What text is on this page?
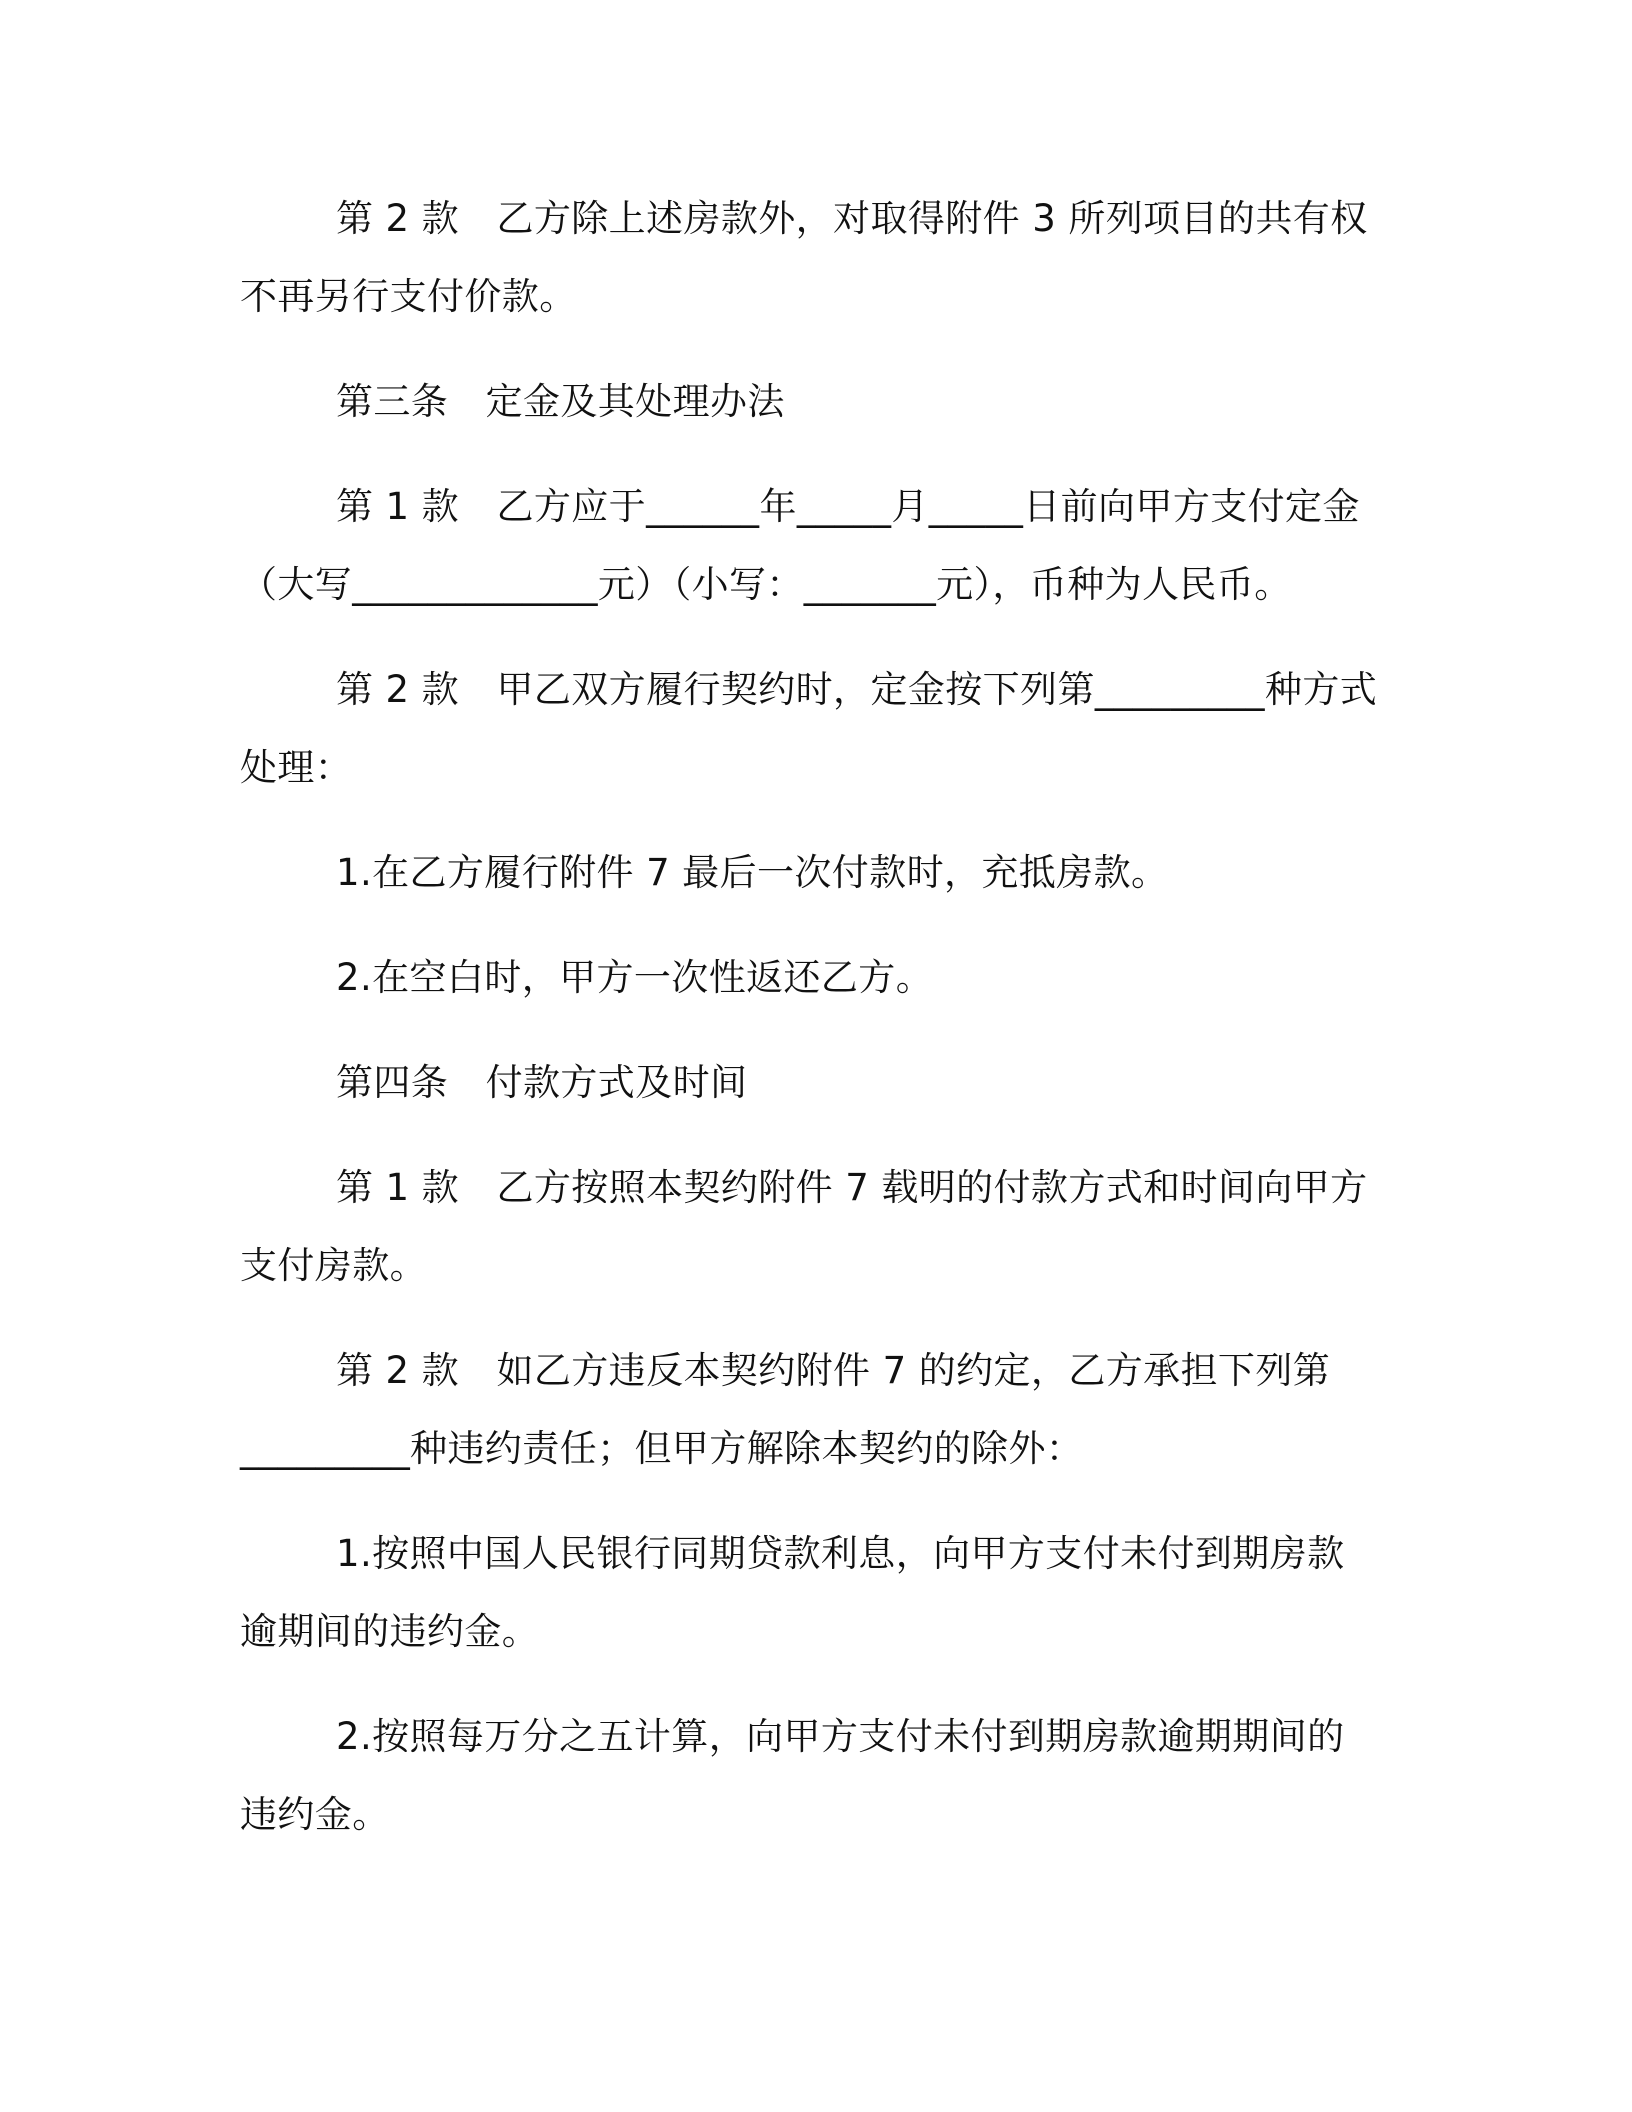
第 2 款　乙方除上述房款外，对取得附件 3 所列项目的共有权不再另行支付价款。

第三条　定金及其处理办法

第 1 款　乙方应于______年_____月_____日前向甲方支付定金（大写_____________元）（小写：_______元），币种为人民币。

第 2 款　甲乙双方履行契约时，定金按下列第_________种方式处理：

1.在乙方履行附件 7 最后一次付款时，充抵房款。

2.在空白时，甲方一次性返还乙方。

第四条　付款方式及时间

第 1 款　乙方按照本契约附件 7 载明的付款方式和时间向甲方支付房款。

第 2 款　如乙方违反本契约附件 7 的约定，乙方承担下列第_________种违约责任；但甲方解除本契约的除外：

1.按照中国人民银行同期贷款利息，向甲方支付未付到期房款逾期间的违约金。

2.按照每万分之五计算，向甲方支付未付到期房款逾期期间的违约金。
